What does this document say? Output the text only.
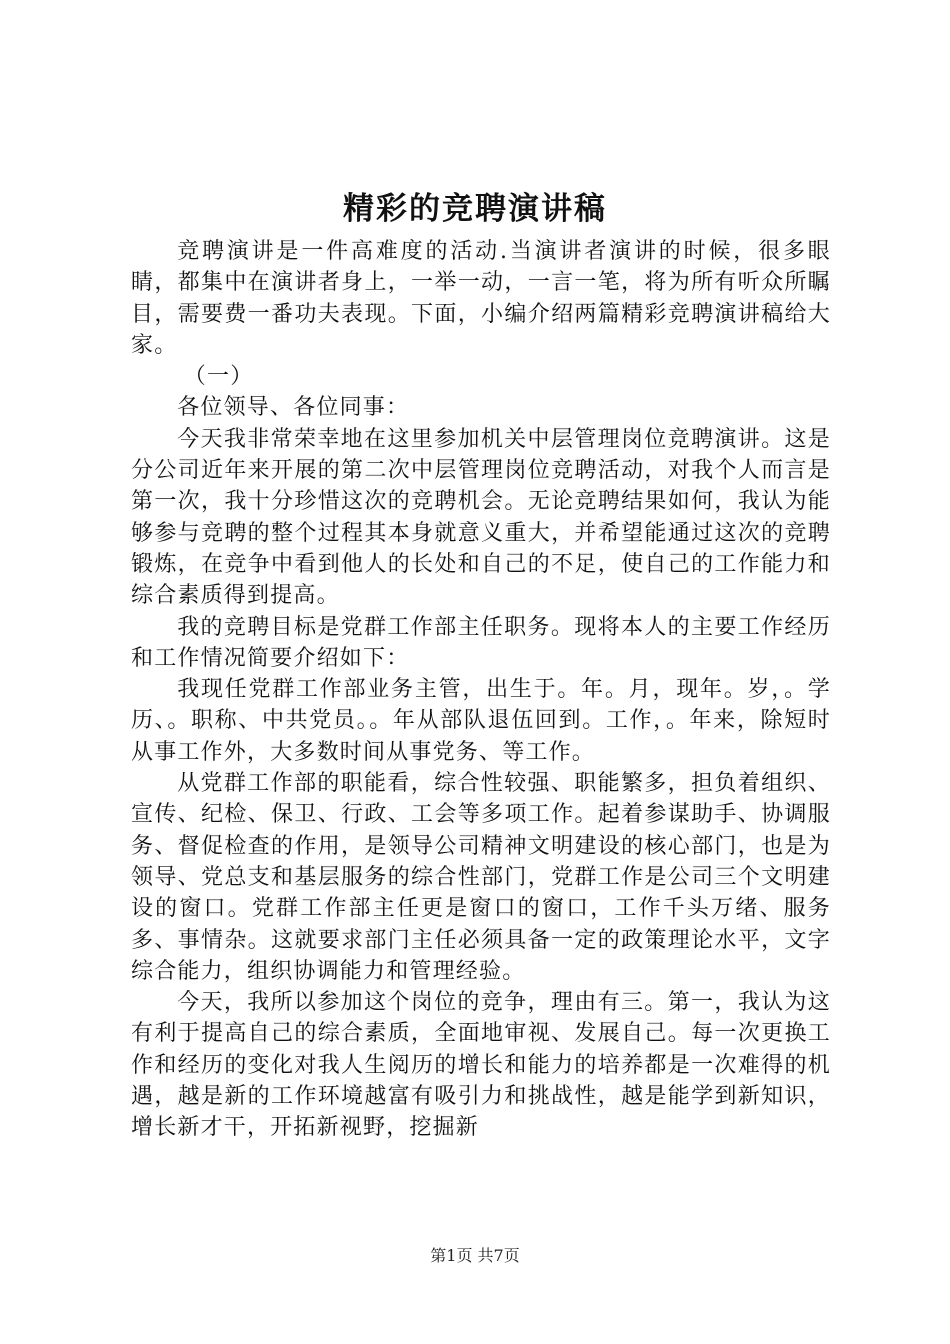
精彩的竞聘演讲稿

竞聘演讲是一件高难度的活动.当演讲者演讲的时候，很多眼睛，都集中在演讲者身上，一举一动，一言一笔，将为所有听众所瞩目，需要费一番功夫表现。下面，小编介绍两篇精彩竞聘演讲稿给大家。

（一）

各位领导、各位同事：

今天我非常荣幸地在这里参加机关中层管理岗位竞聘演讲。这是分公司近年来开展的第二次中层管理岗位竞聘活动，对我个人而言是第一次，我十分珍惜这次的竞聘机会。无论竞聘结果如何，我认为能够参与竞聘的整个过程其本身就意义重大，并希望能通过这次的竞聘锻炼，在竞争中看到他人的长处和自己的不足，使自己的工作能力和综合素质得到提高。

我的竞聘目标是党群工作部主任职务。现将本人的主要工作经历和工作情况简要介绍如下：

我现任党群工作部业务主管，出生于。年。月，现年。岁，。学历、。职称、中共党员。。年从部队退伍回到。工作，。年来，除短时从事工作外，大多数时间从事党务、等工作。

从党群工作部的职能看，综合性较强、职能繁多，担负着组织、宣传、纪检、保卫、行政、工会等多项工作。起着参谋助手、协调服务、督促检查的作用，是领导公司精神文明建设的核心部门，也是为领导、党总支和基层服务的综合性部门，党群工作是公司三个文明建设的窗口。党群工作部主任更是窗口的窗口，工作千头万绪、服务多、事情杂。这就要求部门主任必须具备一定的政策理论水平，文字综合能力，组织协调能力和管理经验。

今天，我所以参加这个岗位的竞争，理由有三。第一，我认为这有利于提高自己的综合素质，全面地审视、发展自己。每一次更换工作和经历的变化对我人生阅历的增长和能力的培养都是一次难得的机遇，越是新的工作环境越富有吸引力和挑战性，越是能学到新知识，增长新才干，开拓新视野，挖掘新

第1页 共7页
